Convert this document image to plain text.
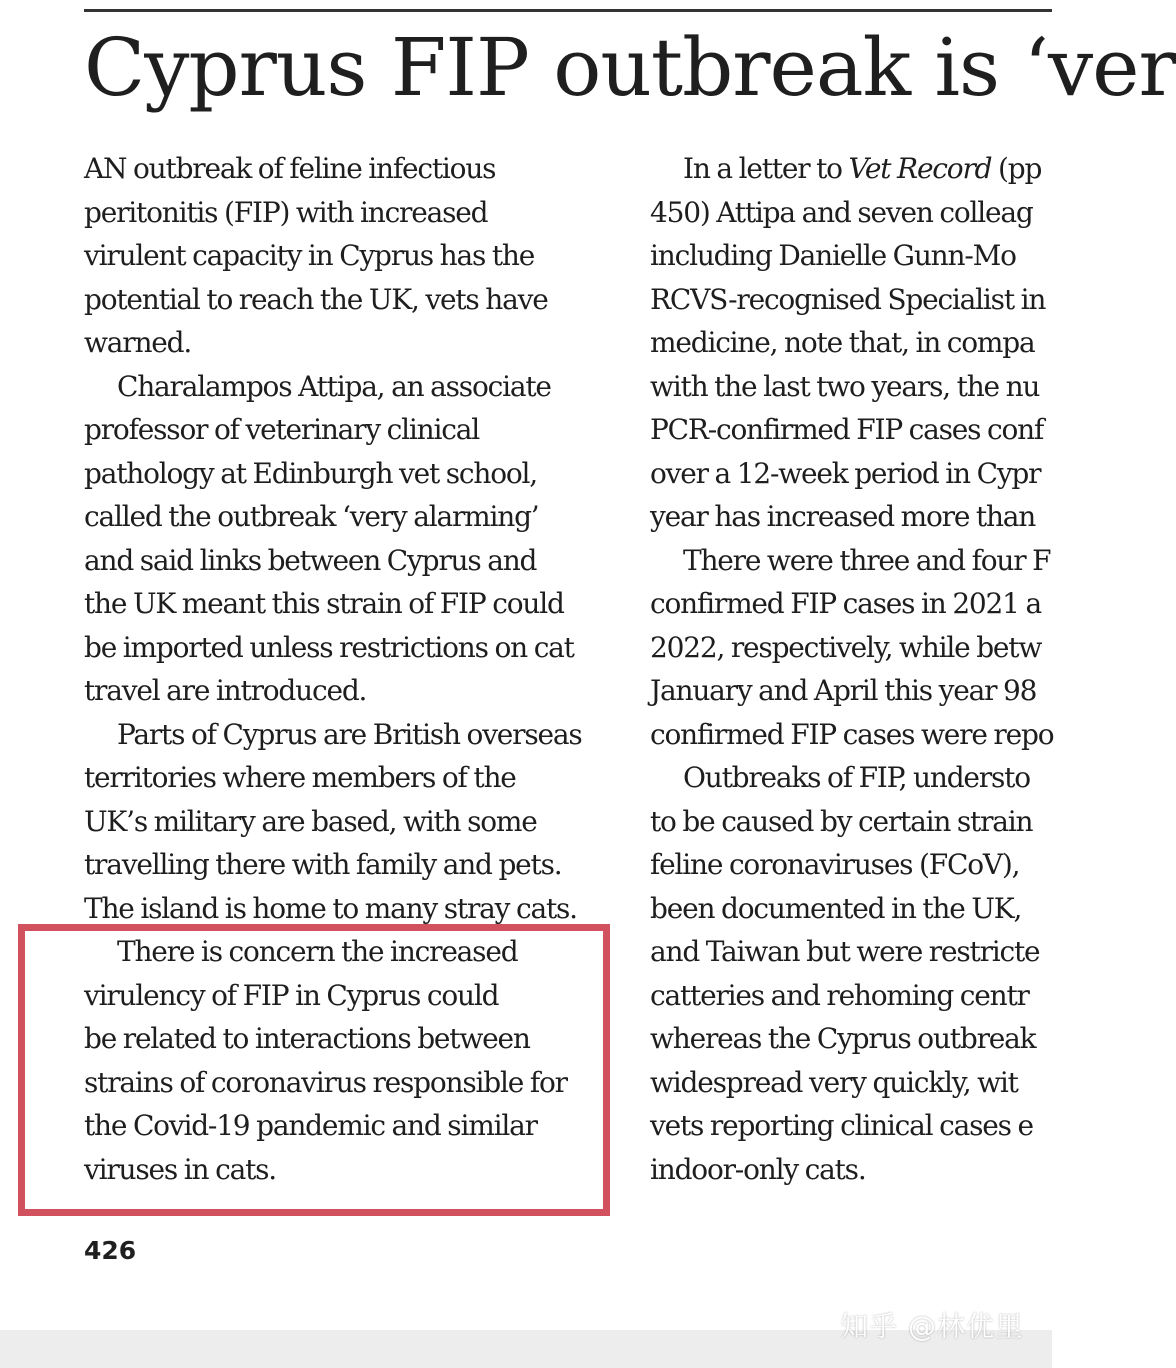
Cyprus FIP outbreak is ‘ver
AN outbreak of feline infectious
peritonitis (FIP) with increased
virulent capacity in Cyprus has the
potential to reach the UK, vets have
warned.
Charalampos Attipa, an associate
professor of veterinary clinical
pathology at Edinburgh vet school,
called the outbreak ‘very alarming’
and said links between Cyprus and
the UK meant this strain of FIP could
be imported unless restrictions on cat
travel are introduced.
Parts of Cyprus are British overseas
territories where members of the
UK’s military are based, with some
travelling there with family and pets.
The island is home to many stray cats.
There is concern the increased
virulency of FIP in Cyprus could
be related to interactions between
strains of coronavirus responsible for
the Covid-19 pandemic and similar
viruses in cats.
In a letter to Vet Record (pp
450) Attipa and seven colleag
including Danielle Gunn-Mo
RCVS-recognised Specialist in
medicine, note that, in compa
with the last two years, the nu
PCR-confirmed FIP cases conf
over a 12-week period in Cypr
year has increased more than
There were three and four F
confirmed FIP cases in 2021 a
2022, respectively, while betw
January and April this year 98
confirmed FIP cases were repo
Outbreaks of FIP, understo
to be caused by certain strain
feline coronaviruses (FCoV),
been documented in the UK,
and Taiwan but were restricte
catteries and rehoming centr
whereas the Cyprus outbreak
widespread very quickly, wit
vets reporting clinical cases e
indoor-only cats.
426
知乎 @林优里
